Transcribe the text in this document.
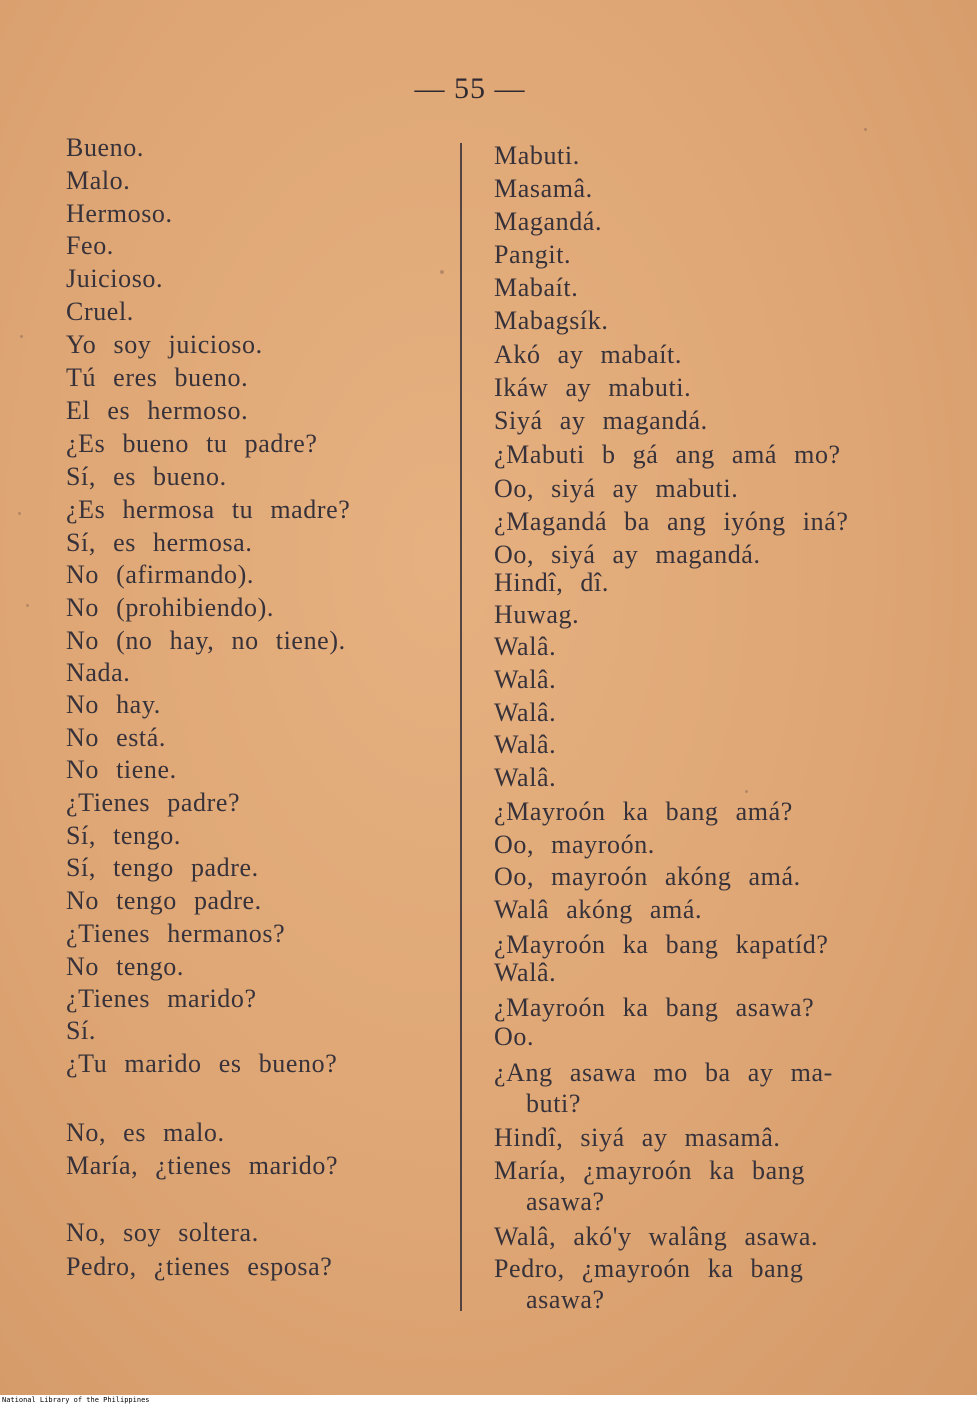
— 55 —
Bueno.
Malo.
Hermoso.
Feo.
Juicioso.
Cruel.
Yo soy juicioso.
Tú eres bueno.
El es hermoso.
¿Es bueno tu padre?
Sí, es bueno.
¿Es hermosa tu madre?
Sí, es hermosa.
No (afirmando).
No (prohibiendo).
No (no hay, no tiene).
Nada.
No hay.
No está.
No tiene.
¿Tienes padre?
Sí, tengo.
Sí, tengo padre.
No tengo padre.
¿Tienes hermanos?
No tengo.
¿Tienes marido?
Sí.
¿Tu marido es bueno?
No, es malo.
María, ¿tienes marido?
No, soy soltera.
Pedro, ¿tienes esposa?
Mabuti.
Masamâ.
Magandá.
Pangit.
Mabaít.
Mabagsík.
Akó ay mabaít.
Ikáw ay mabuti.
Siyá ay magandá.
¿Mabuti b gá ang amá mo?
Oo, siyá ay mabuti.
¿Magandá ba ang iyóng iná?
Oo, siyá ay magandá.
Hindî, dî.
Huwag.
Walâ.
Walâ.
Walâ.
Walâ.
Walâ.
¿Mayroón ka bang amá?
Oo, mayroón.
Oo, mayroón akóng amá.
Walâ akóng amá.
¿Mayroón ka bang kapatíd?
Walâ.
¿Mayroón ka bang asawa?
Oo.
¿Ang asawa mo ba ay ma-
buti?
Hindî, siyá ay masamâ.
María, ¿mayroón ka bang
asawa?
Walâ, akó'y walâng asawa.
Pedro, ¿mayroón ka bang
asawa?
National Library of the Philippines
